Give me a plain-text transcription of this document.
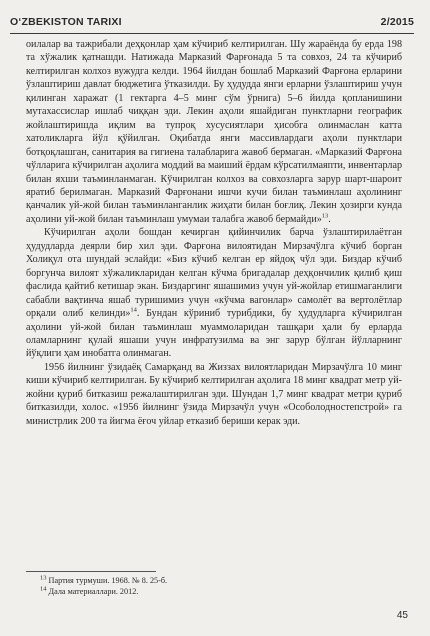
O‘ZBEKISTON TARIXI	2/2015

оилалар ва тажрибали деҳқонлар ҳам кўчириб келтирилган. Шу жараёнда бу ерда 198 та хўжалик қатнашди. Натижада Марказий Фарғонада 5 та совхоз, 24 та кўчириб келтирилган колхоз вужудга келди. 1964 йилдан бошлаб Марказий Фарғона ерларини ўзлаштириш давлат бюджетига ўтказилди. Бу ҳудудда янги ерларни ўзлаштириш учун қилинган харажат (1 гектарга 4–5 минг сўм ўрнига) 5–6 йилда қопланишини мутахассислар ишлаб чиққан эди. Лекин аҳоли яшайдиган пунктларни географик жойлаштиришда иқлим ва тупроқ хусусиятлари ҳисобга олинмаслан катта хатоликларга йўл қўйилган. Оқибатда янги массивлардаги аҳоли пунктлари ботқоқлашган, санитария ва гигиена талабларига жавоб бермаган. «Марказий Фарғона чўлларига кўчирилган аҳолига моддий ва маиший ёрдам кўрсатилмаяпти, инвентарлар билан яхши таъминланмаган. Кўчирилган колхоз ва совхозларга зарур шарт-шароит яратиб берилмаган. Марказий Фарғонани ишчи кучи билан таъминлаш аҳолининг қанчалик уй-жой билан таъминланганлик жиҳати билан боғлиқ. Лекин ҳозирги кунда аҳолини уй-жой билан таъминлаш умумаи талабга жавоб бермайди»$^{13}$.

Кўчирилган аҳоли бошдан кечирган қийинчилик барча ўзлаштирилаётган ҳудудларда деярли бир хил эди. Фарғона вилоятидан Мирзачўлга кўчиб борган Холиқул ота шундай эслайди: «Биз кўчиб келган ер яйдоқ чўл эди. Биздар кўчиб боргунча вилоят хўжаликларидан келган кўчма бригадалар деҳқончилик қилиб қиш фаслида қайтиб кетишар экан. Биздаргинг яшашимиз учун уй-жойлар етишмаганлиги сабабли вақтинча яшаб туришимиз учун «кўчма вагонлар» самолёт ва вертолётлар орқали олиб келинди»$^{14}$. Бундан кўриниб турибдики, бу ҳудудларга кўчирилган аҳолини уй-жой билан таъминлаш муаммоларидан ташқари ҳали бу ерларда оламларнинг қулай яшаши учун инфратузилма ва энг зарур бўлган йўлларнинг йўқлиги ҳам инобатга олинмаган.

1956 йилнинг ўзидаёқ Самарқанд ва Жиззах вилоятларидан Мирзачўлга 10 минг киши кўчириб келтирилган. Бу кўчириб келтирилган аҳолига 18 минг квадрат метр уй-жойни қуриб битказиш режалаштирилган эди. Шундан 1,7 минг квадрат метри қуриб битказилди, холос. «1956 йилнинг ўзида Мирзачўл учун «Особолодностепстрой» га министрлик 200 та йигма ёғоч уйлар етказиб бериши керак эди.

$^{13}$ Партия турмуши. 1968. № 8. 25-б.
$^{14}$ Дала материаллари. 2012.
45
